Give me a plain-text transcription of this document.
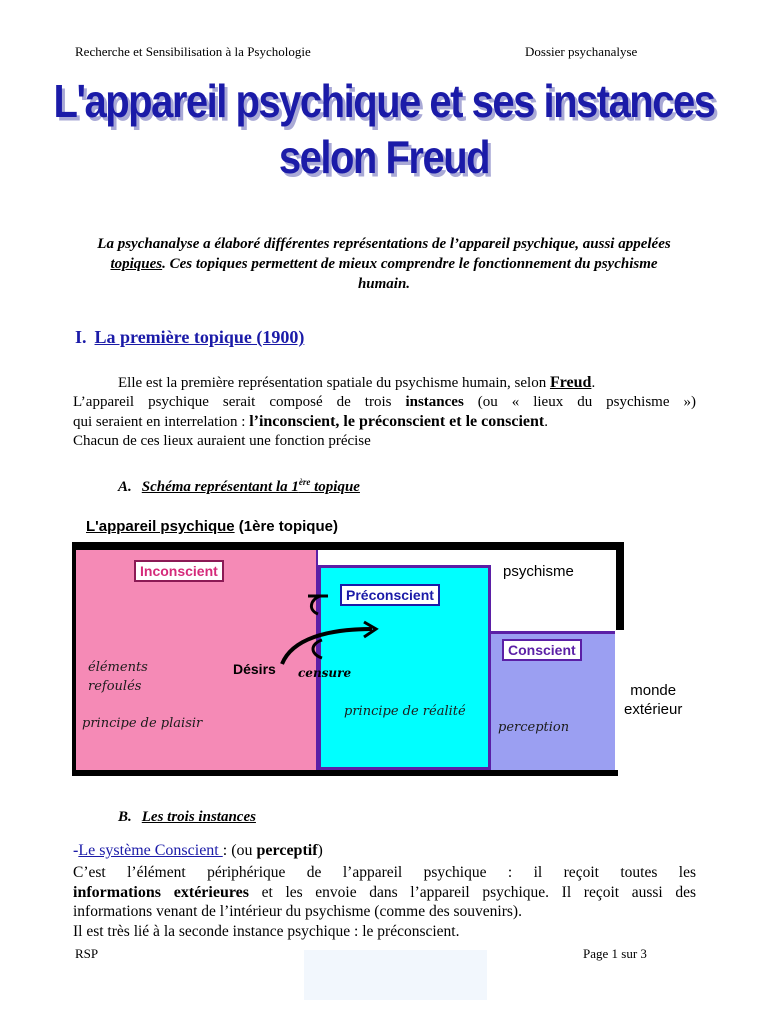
Recherche et Sensibilisation à la Psychologie	Dossier psychanalyse
L'appareil psychique et ses instances
selon Freud
La psychanalyse a élaboré différentes représentations de l’appareil psychique, aussi appelées topiques. Ces topiques permettent de mieux comprendre le fonctionnement du psychisme humain.
I. La première topique (1900)
Elle est la première représentation spatiale du psychisme humain, selon Freud.
L’appareil psychique serait composé de trois instances (ou « lieux du psychisme »)
qui seraient en interrelation : l’inconscient, le préconscient et le conscient.
Chacun de ces lieux auraient une fonction précise
A. Schéma représentant la 1ère topique
L'appareil psychique (1ère topique)
Inconscient
Préconscient
Conscient
psychisme
monde
extérieur
éléments
refoulés
principe de plaisir
principe de réalité
perception
Désirs censure
B. Les trois instances
-Le système Conscient : (ou perceptif)
C’est l’élément périphérique de l’appareil psychique : il reçoit toutes les
informations extérieures et les envoie dans l’appareil psychique. Il reçoit aussi des
informations venant de l’intérieur du psychisme (comme des souvenirs).
Il est très lié à la seconde instance psychique : le préconscient.
RSP	Page 1 sur 3
